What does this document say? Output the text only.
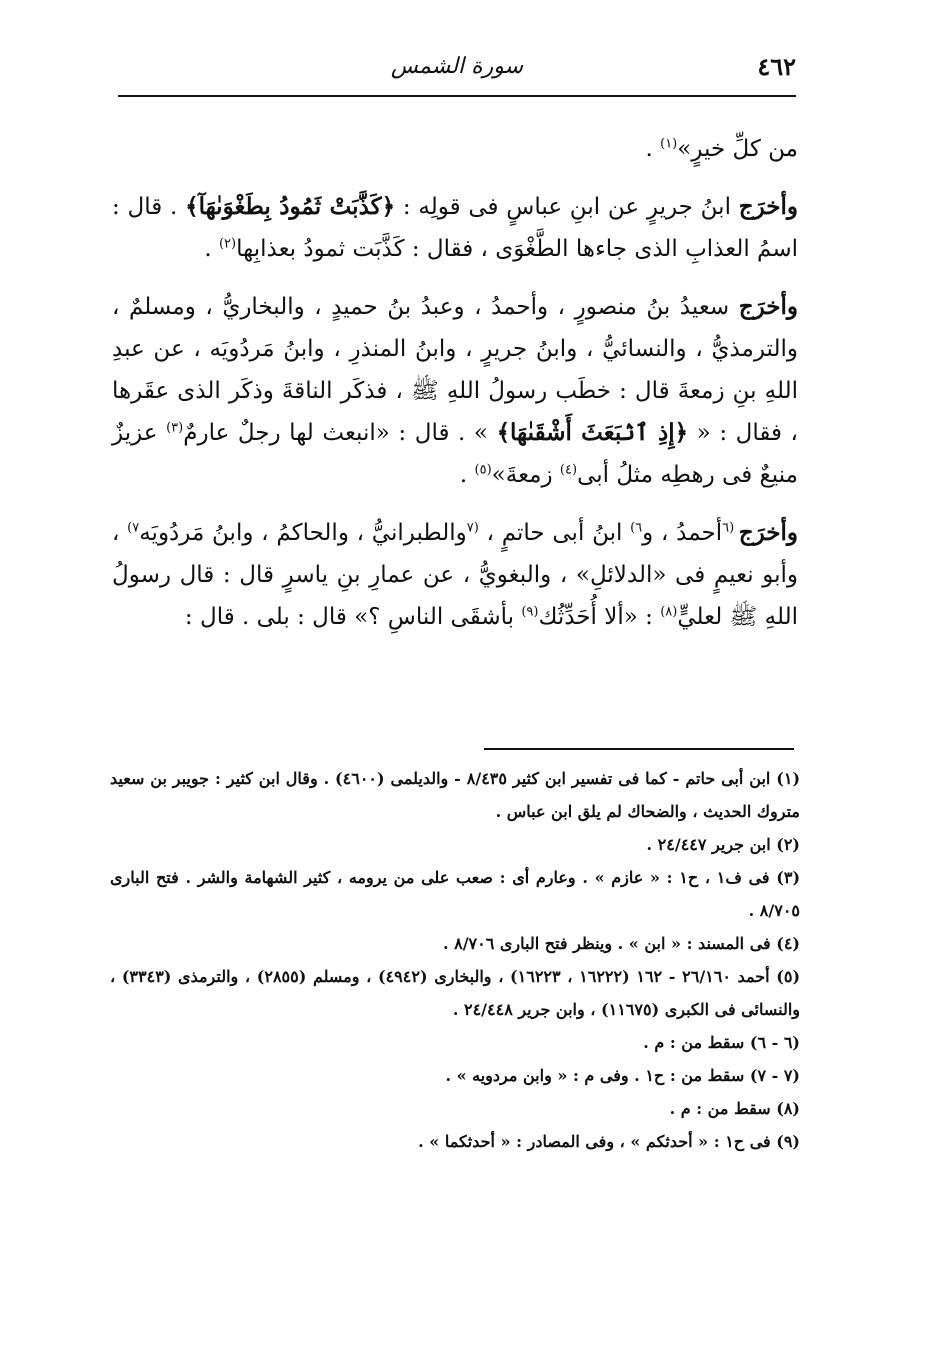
٤٦٢
سورة الشمس

من كلِّ خيرٍ»$^{(١)}$ .

وأخرَج ابنُ جريرٍ عن ابنِ عباسٍ فى قولِه : ﴿كَذَّبَتْ ثَمُودُ بِطَغْوَىٰهَآ﴾ . قال : اسمُ العذابِ الذى جاءها الطَّغْوَى ، فقال : كَذَّبَت ثمودُ بعذابِها$^{(٢)}$ .

وأخرَج سعيدُ بنُ منصورٍ ، وأحمدُ ، وعبدُ بنُ حميدٍ ، والبخاريُّ ، ومسلمٌ ، والترمذيُّ ، والنسائيُّ ، وابنُ جريرٍ ، وابنُ المنذرِ ، وابنُ مَردُويَه ، عن عبدِ اللهِ بنِ زمعةَ قال : خطَب رسولُ اللهِ ﷺ ، فذكَر الناقةَ وذكَر الذى عقَرها ، فقال : « ﴿إِذِ ٱنۢبَعَثَ أَشْقَىٰهَا﴾ » . قال : «انبعث لها رجلٌ عارمٌ$^{(٣)}$ عزيزٌ منيعٌ فى رهطِه مثلُ أبى$^{(٤)}$ زمعةَ»$^{(٥)}$ .

وأخرَج $^{(٦}$أحمدُ ، و$^{٦)}$ ابنُ أبى حاتمٍ ، $^{(٧}$والطبرانيُّ ، والحاكمُ ، وابنُ مَردُويَه$^{٧)}$ ، وأبو نعيمٍ فى «الدلائلِ» ، والبغويُّ ، عن عمارِ بنِ ياسرٍ قال : قال رسولُ اللهِ ﷺ لعليٍّ$^{(٨)}$ : «ألا أُحَدِّثُك$^{(٩)}$ بأشقَى الناسِ ؟» قال : بلى . قال :

(١) ابن أبى حاتم - كما فى تفسير ابن كثير ٨/٤٣٥ - والديلمى (٤٦٠٠) . وقال ابن كثير : جويبر بن سعيد متروك الحديث ، والضحاك لم يلق ابن عباس .

(٢) ابن جرير ٢٤/٤٤٧ .

(٣) فى ف١ ، ح١ : « عازم » . وعارم أى : صعب على من يرومه ، كثير الشهامة والشر . فتح البارى ٨/٧٠٥ .

(٤) فى المسند : « ابن » . وينظر فتح البارى ٨/٧٠٦ .

(٥) أحمد ٢٦/١٦٠ - ١٦٢ (١٦٢٢٢ ، ١٦٢٢٣) ، والبخارى (٤٩٤٢) ، ومسلم (٢٨٥٥) ، والترمذى (٣٣٤٣) ، والنسائى فى الكبرى (١١٦٧٥) ، وابن جرير ٢٤/٤٤٨ .

(٦ - ٦) سقط من : م .

(٧ - ٧) سقط من : ح١ . وفى م : « وابن مردويه » .

(٨) سقط من : م .

(٩) فى ح١ : « أحدثكم » ، وفى المصادر : « أحدثكما » .
